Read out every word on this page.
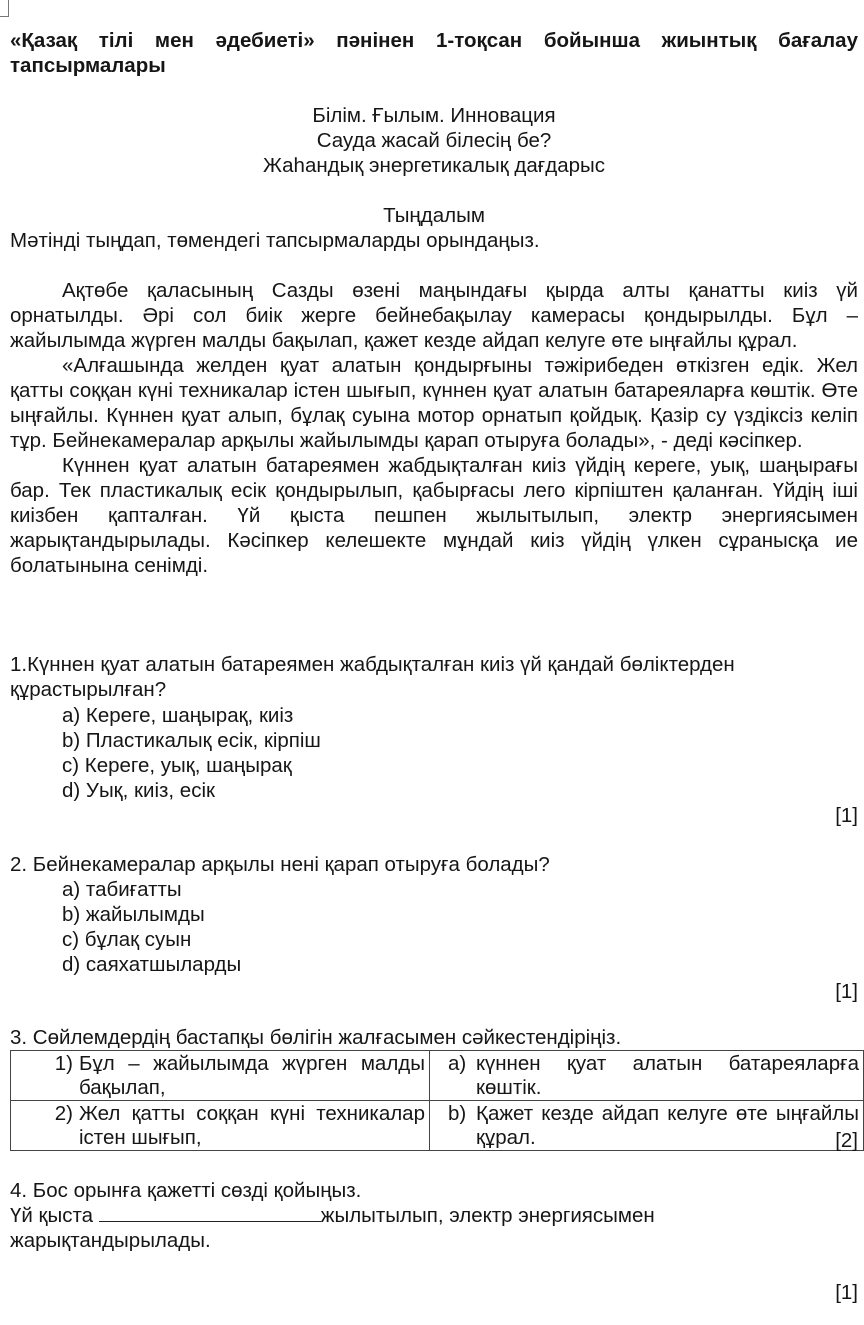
«Қазақ тілі мен әдебиеті» пәнінен 1-тоқсан бойынша жиынтық бағалау тапсырмалары
Білім. Ғылым. Инновация
Сауда жасай білесің бе?
Жаһандық энергетикалық дағдарыс
Тыңдалым
Мәтінді тыңдап, төмендегі тапсырмаларды орындаңыз.

Ақтөбе қаласының Сазды өзені маңындағы қырда алты қанатты киіз үй орнатылды. Әрі сол биік жерге бейнебақылау камерасы қондырылды. Бұл – жайылымда жүрген малды бақылап, қажет кезде айдап келуге өте ыңғайлы құрал.

«Алғашында желден қуат алатын қондырғыны тәжірибеден өткізген едік. Жел қатты соққан күні техникалар істен шығып, күннен қуат алатын батареяларға көштік. Өте ыңғайлы. Күннен қуат алып, бұлақ суына мотор орнатып қойдық. Қазір су үздіксіз келіп тұр. Бейнекамералар арқылы жайылымды қарап отыруға болады», - деді кәсіпкер.

Күннен қуат алатын батареямен жабдықталған киіз үйдің кереге, уық, шаңырағы бар. Тек пластикалық есік қондырылып, қабырғасы лего кірпіштен қаланған. Үйдің іші киізбен қапталған. Үй қыста пешпен жылытылып, электр энергиясымен жарықтандырылады. Кәсіпкер келешекте мұндай киіз үйдің үлкен сұранысқа ие болатынына сенімді.

1.Күннен қуат алатын батареямен жабдықталған киіз үй қандай бөліктерден құрастырылған?
a) Кереге, шаңырақ, киіз
b) Пластикалық есік, кірпіш
c) Кереге, уық, шаңырақ
d) Уық, киіз, есік
[1]
2. Бейнекамералар арқылы нені қарап отыруға болады?
a) табиғатты
b) жайылымды
c) бұлақ суын
d) саяхатшыларды
[1]
3. Сөйлемдердің бастапқы бөлігін жалғасымен сәйкестендіріңіз.
1) Бұл – жайылымда жүрген малды бақылап,	a) күннен қуат алатын батареяларға көштік.

2) Жел қатты соққан күні техникалар істен шығып,	b) Қажет кезде айдап келуге өте ыңғайлы құрал.	[2]
4. Бос орынға қажетті сөзді қойыңыз.
Үй қыста	жылытылып, электр энергиясымен
жарықтандырылады.
[1]
